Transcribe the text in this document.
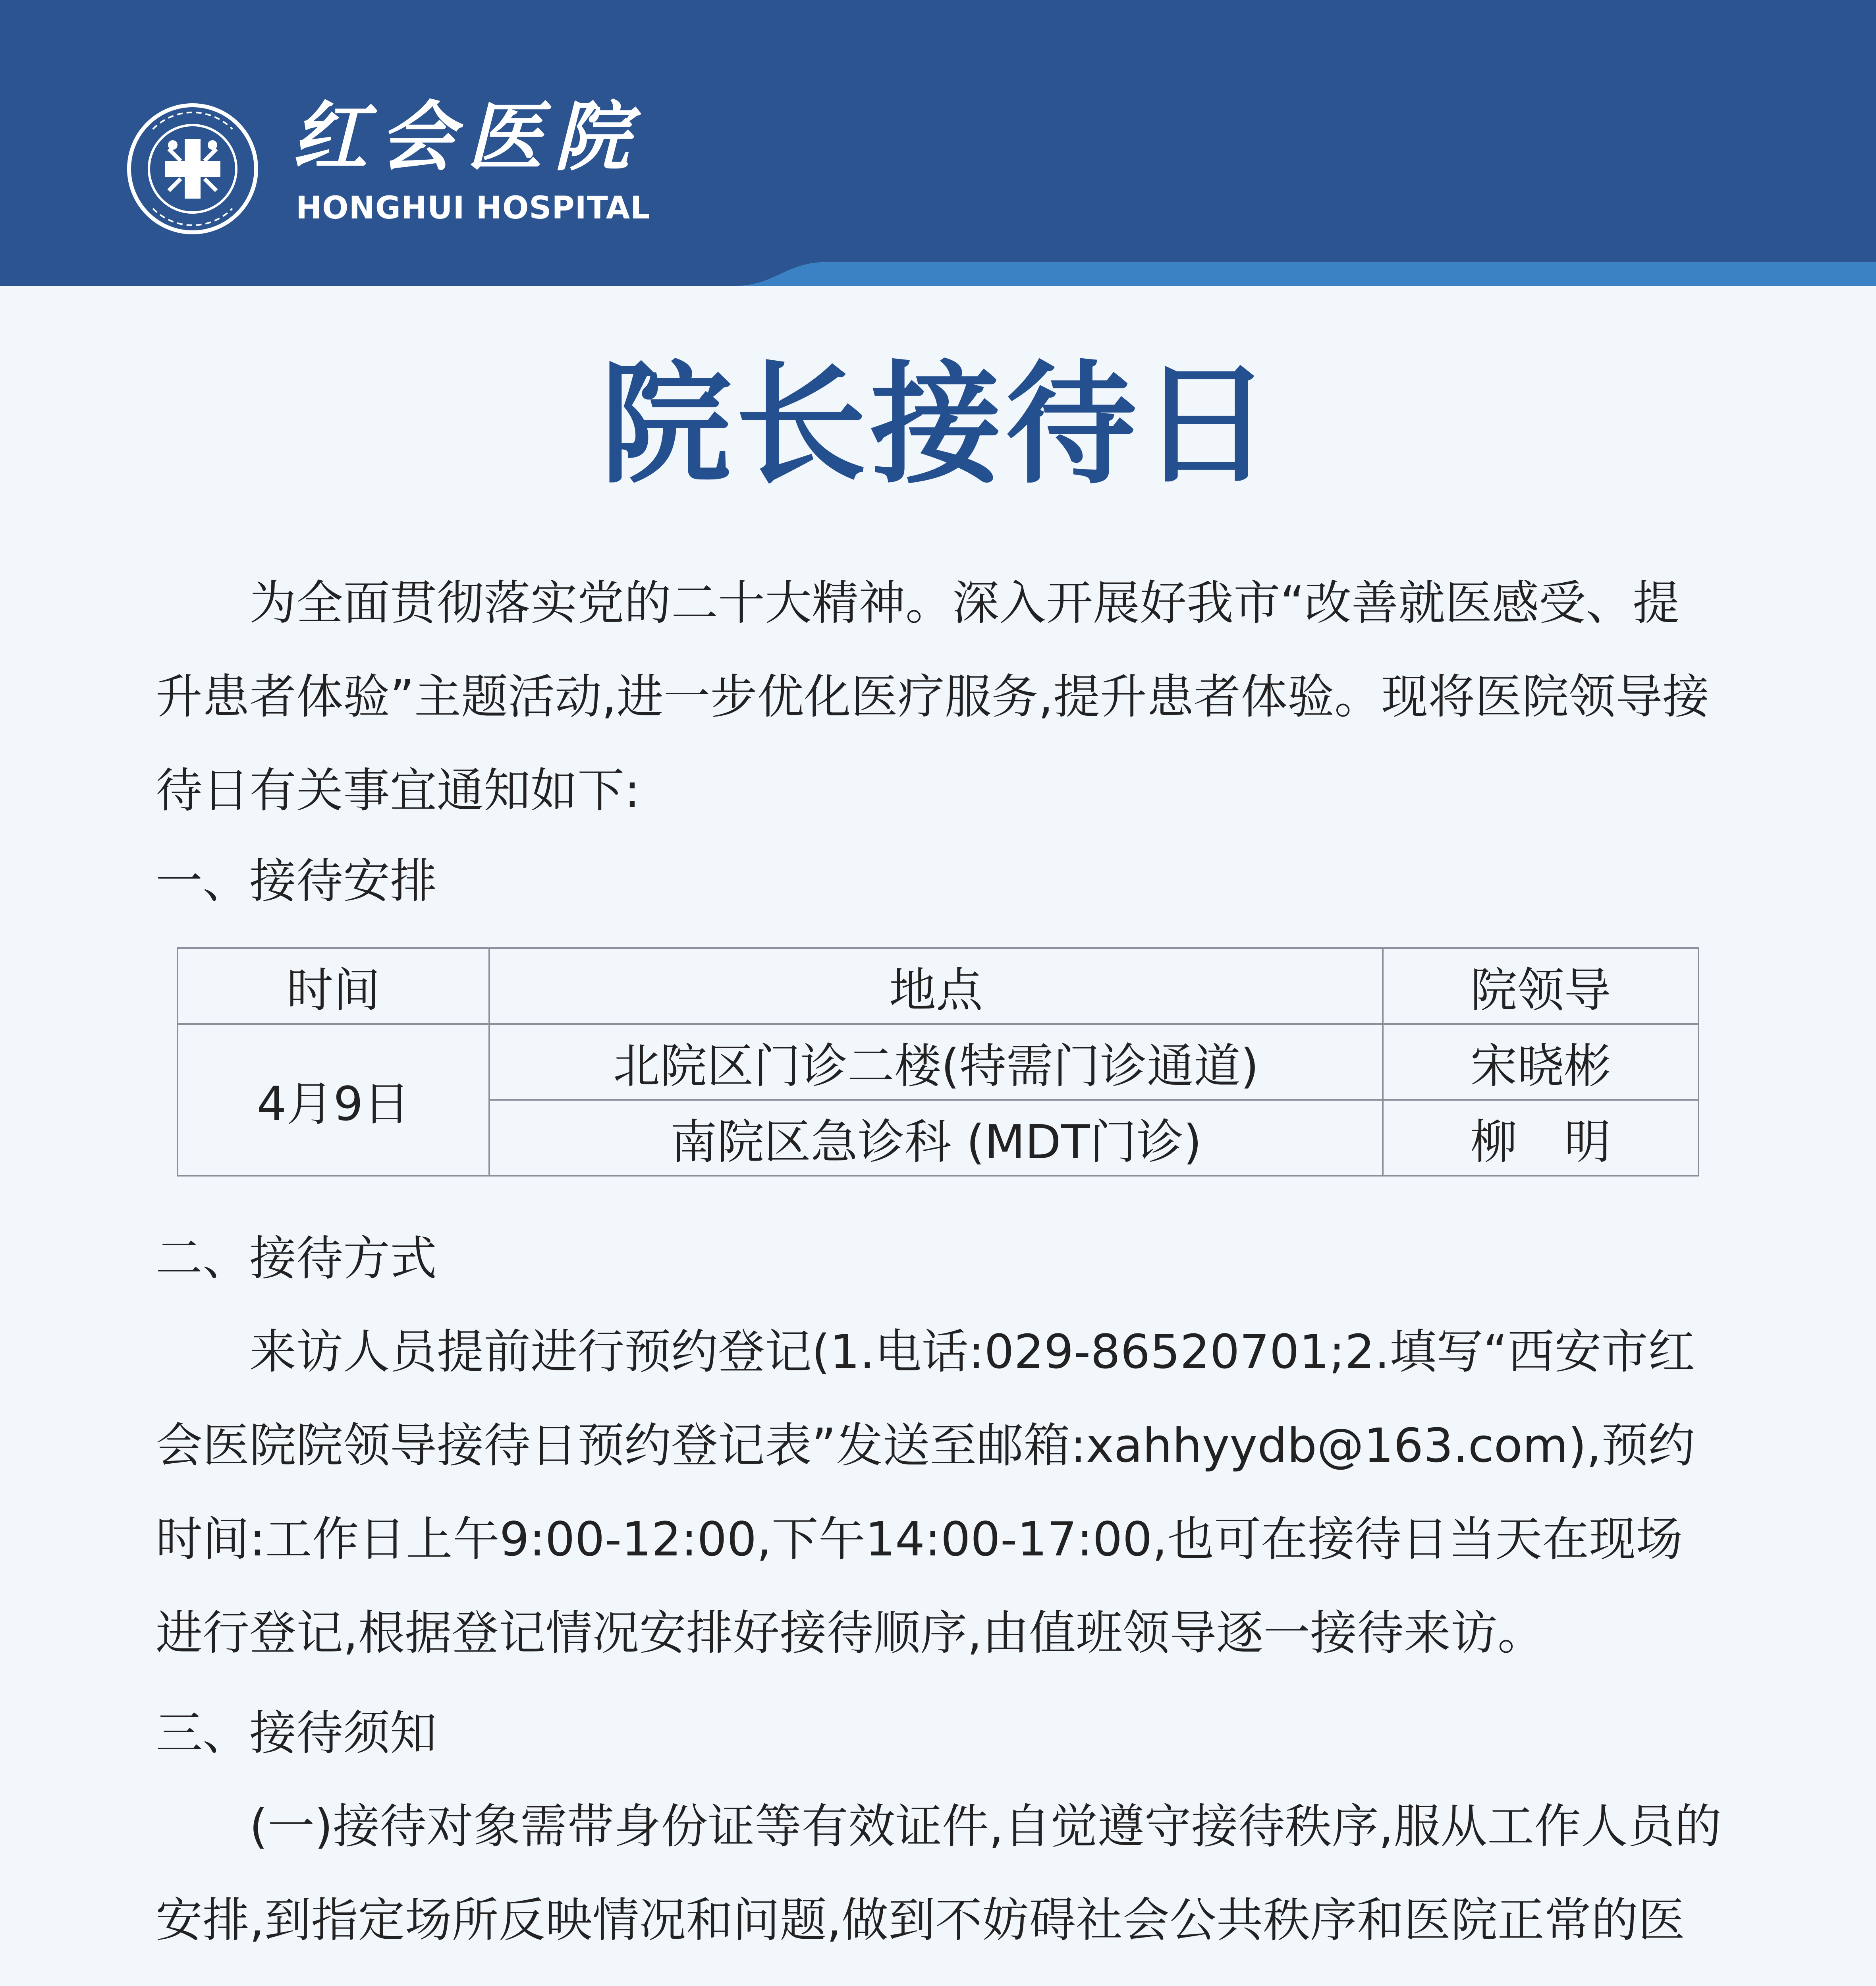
红会医院
HONGHUI HOSPITAL
院长接待日
为全面贯彻落实党的二十大精神。深入开展好我市“改善就医感受、提升患者体验”主题活动,进一步优化医疗服务,提升患者体验。现将医院领导接待日有关事宜通知如下:
一、接待安排
时间	地点	院领导
4月9日	北院区门诊二楼(特需门诊通道)	宋晓彬
	南院区急诊科 (MDT门诊)	柳　明
二、接待方式
来访人员提前进行预约登记(1.电话:029-86520701;2.填写“西安市红会医院院领导接待日预约登记表”发送至邮箱:xahhyydb@163.com),预约时间:工作日上午9:00-12:00,下午14:00-17:00,也可在接待日当天在现场进行登记,根据登记情况安排好接待顺序,由值班领导逐一接待来访。
三、接待须知
(一)接待对象需带身份证等有效证件,自觉遵守接待秩序,服从工作人员的安排,到指定场所反映情况和问题,做到不妨碍社会公共秩序和医院正常的医
